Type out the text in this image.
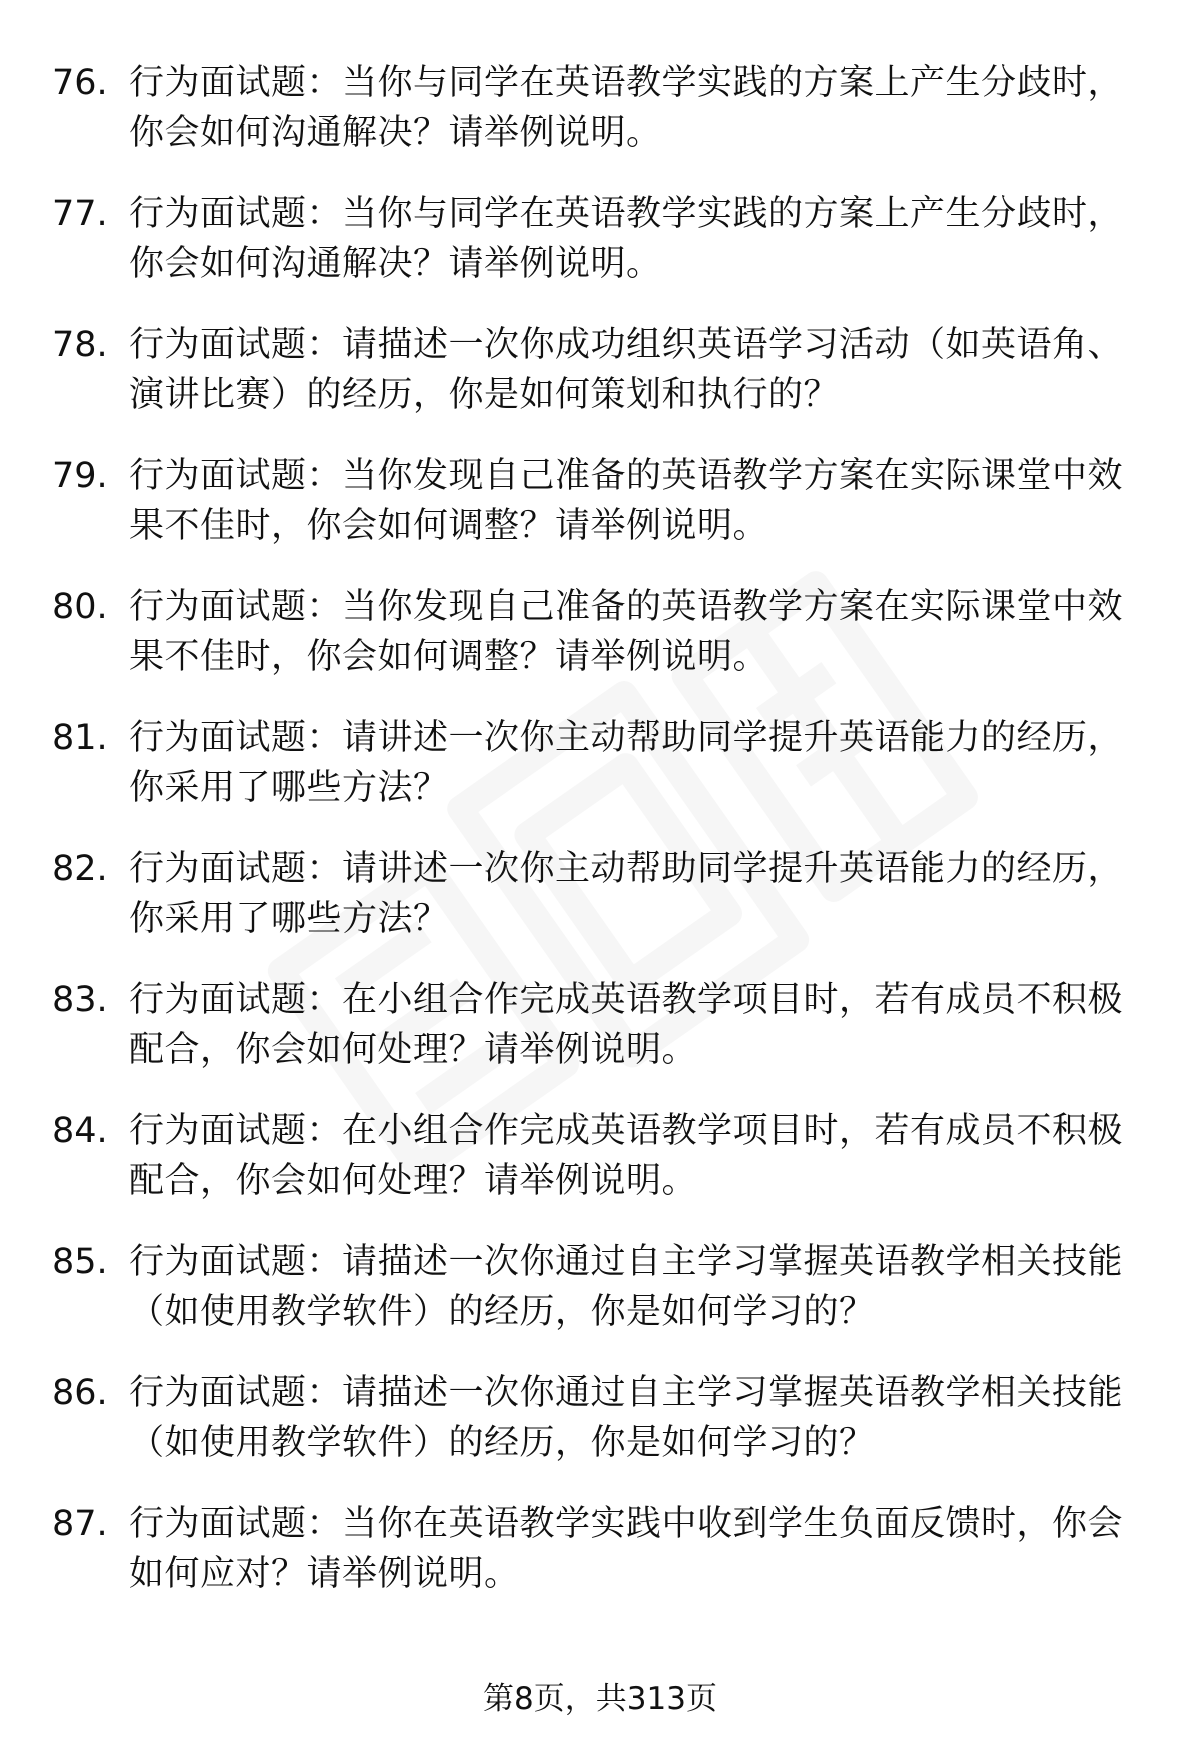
76. 行为面试题：当你与同学在英语教学实践的方案上产生分歧时，
你会如何沟通解决？请举例说明。
77. 行为面试题：当你与同学在英语教学实践的方案上产生分歧时，
你会如何沟通解决？请举例说明。
78. 行为面试题：请描述一次你成功组织英语学习活动（如英语角、
演讲比赛）的经历，你是如何策划和执行的？
79. 行为面试题：当你发现自己准备的英语教学方案在实际课堂中效
果不佳时，你会如何调整？请举例说明。
80. 行为面试题：当你发现自己准备的英语教学方案在实际课堂中效
果不佳时，你会如何调整？请举例说明。
81. 行为面试题：请讲述一次你主动帮助同学提升英语能力的经历，
你采用了哪些方法？
82. 行为面试题：请讲述一次你主动帮助同学提升英语能力的经历，
你采用了哪些方法？
83. 行为面试题：在小组合作完成英语教学项目时，若有成员不积极
配合，你会如何处理？请举例说明。
84. 行为面试题：在小组合作完成英语教学项目时，若有成员不积极
配合，你会如何处理？请举例说明。
85. 行为面试题：请描述一次你通过自主学习掌握英语教学相关技能
（如使用教学软件）的经历，你是如何学习的？
86. 行为面试题：请描述一次你通过自主学习掌握英语教学相关技能
（如使用教学软件）的经历，你是如何学习的？
87. 行为面试题：当你在英语教学实践中收到学生负面反馈时，你会
如何应对？请举例说明。
第8页，共313页
